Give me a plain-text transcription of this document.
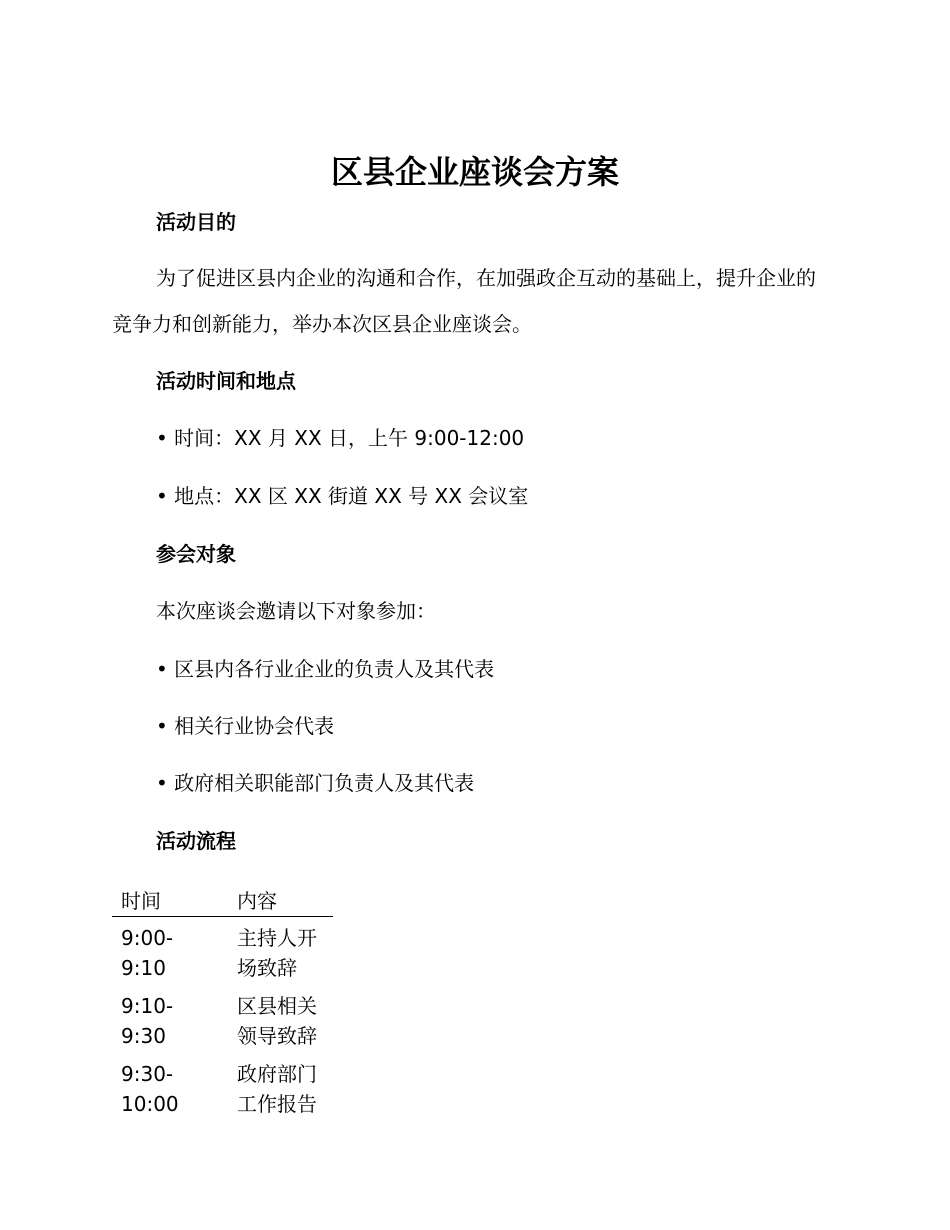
区县企业座谈会方案
活动目的

为了促进区县内企业的沟通和合作，在加强政企互动的基础上，提升企业的竞争力和创新能力，举办本次区县企业座谈会。

活动时间和地点

• 时间：XX 月 XX 日，上午 9:00-12:00

• 地点：XX 区 XX 街道 XX 号 XX 会议室

参会对象

本次座谈会邀请以下对象参加：

• 区县内各行业企业的负责人及其代表

• 相关行业协会代表

• 政府相关职能部门负责人及其代表

活动流程
时间	内容
9:00-9:10	主持人开场致辞
9:10-9:30	区县相关领导致辞
9:30-10:00	政府部门工作报告
